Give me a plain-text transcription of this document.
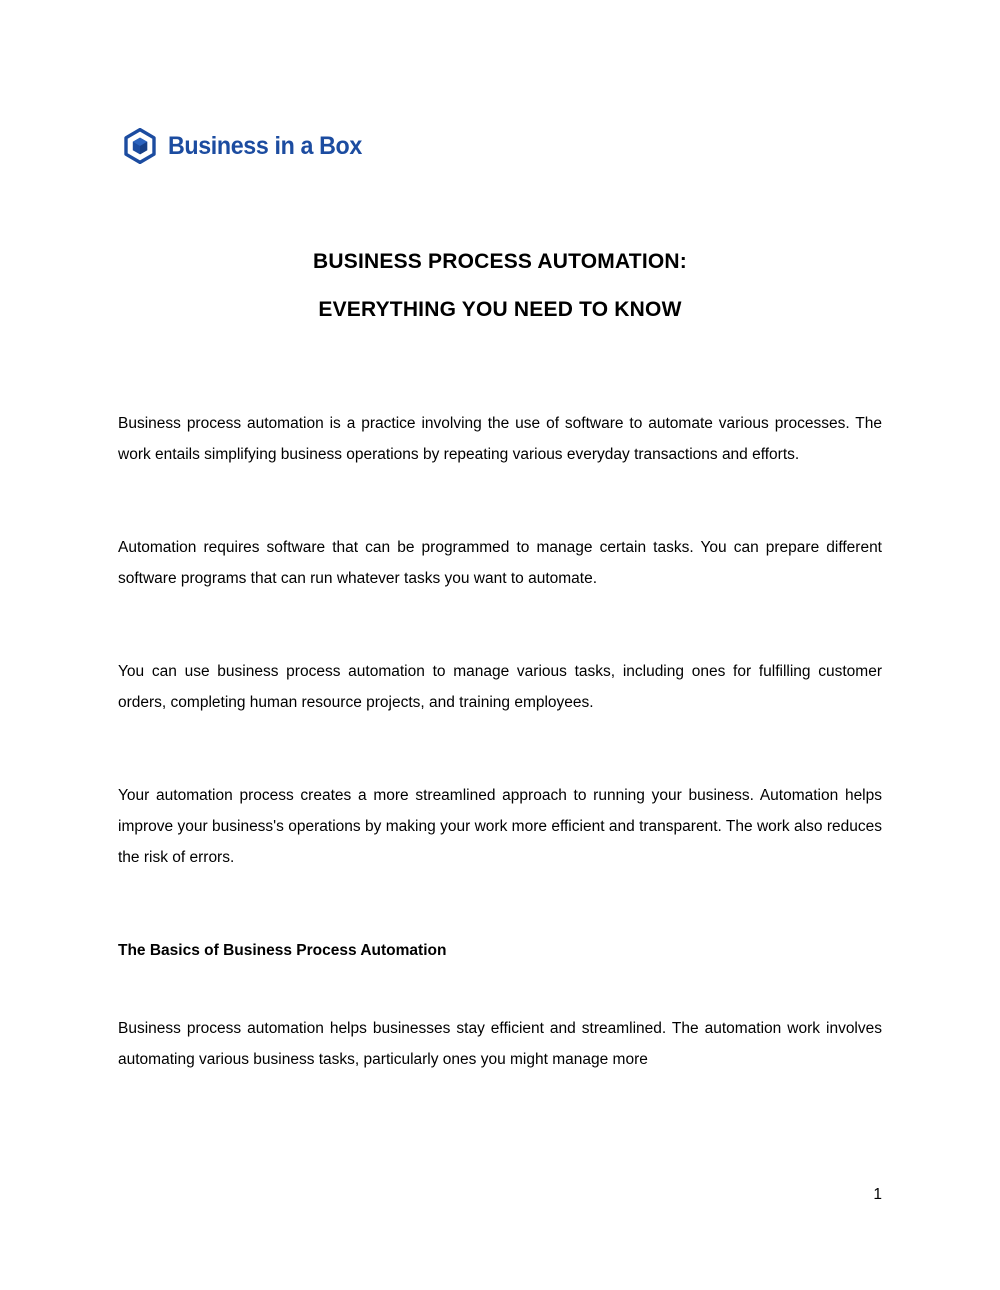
Business in a Box
BUSINESS PROCESS AUTOMATION:
EVERYTHING YOU NEED TO KNOW

Business process automation is a practice involving the use of software to automate various processes. The work entails simplifying business operations by repeating various everyday transactions and efforts.

Automation requires software that can be programmed to manage certain tasks. You can prepare different software programs that can run whatever tasks you want to automate.

You can use business process automation to manage various tasks, including ones for fulfilling customer orders, completing human resource projects, and training employees.

Your automation process creates a more streamlined approach to running your business. Automation helps improve your business's operations by making your work more efficient and transparent. The work also reduces the risk of errors.

The Basics of Business Process Automation

Business process automation helps businesses stay efficient and streamlined. The automation work involves automating various business tasks, particularly ones you might manage more

1
